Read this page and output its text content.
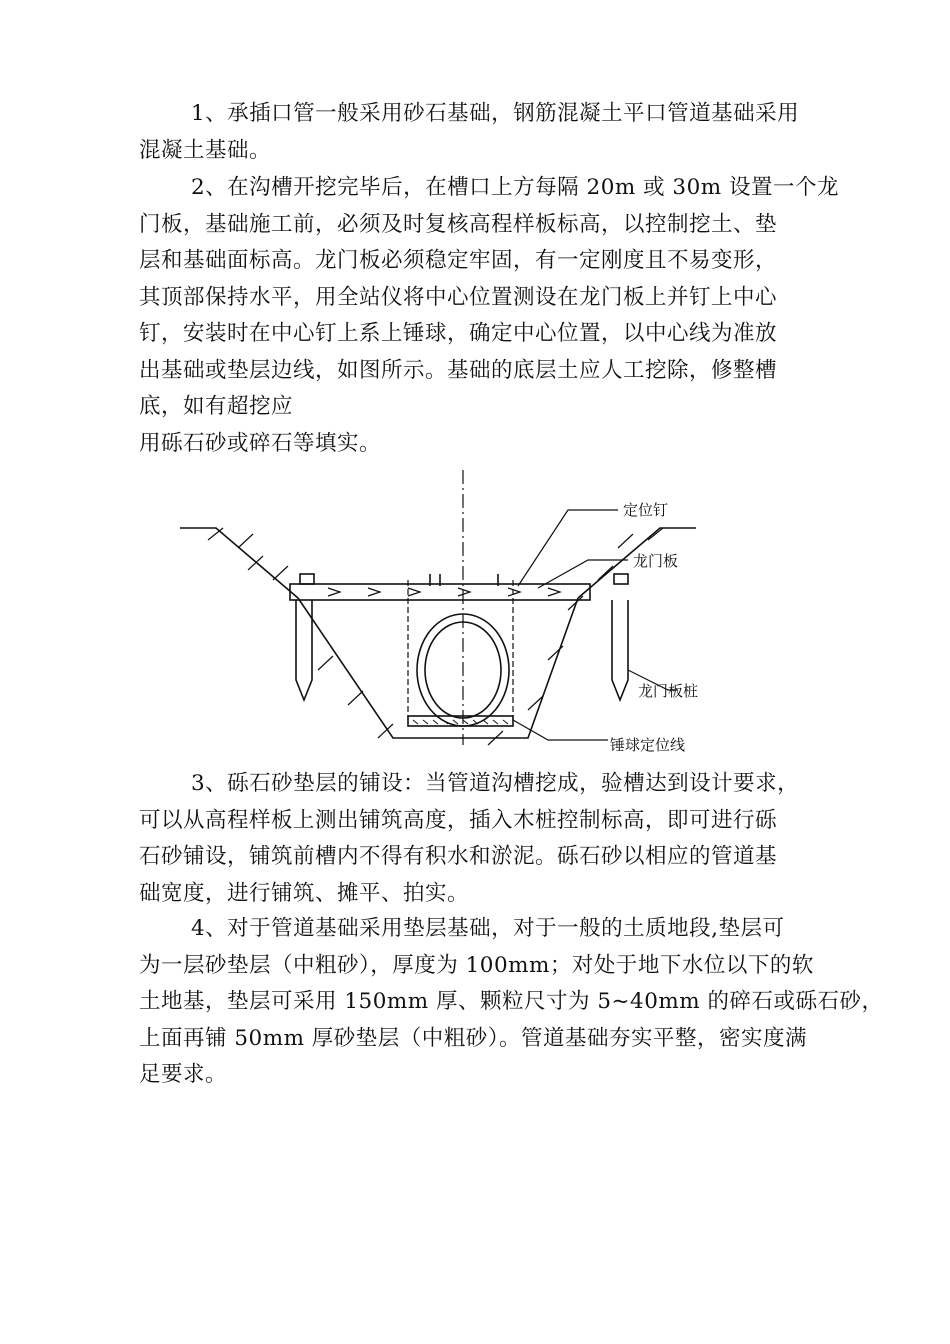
1、承插口管一般采用砂石基础，钢筋混凝土平口管道基础采用
混凝土基础。

2、在沟槽开挖完毕后，在槽口上方每隔 20m 或 30m 设置一个龙
门板，基础施工前，必须及时复核高程样板标高，以控制挖土、垫
层和基础面标高。龙门板必须稳定牢固，有一定刚度且不易变形，
其顶部保持水平，用全站仪将中心位置测设在龙门板上并钉上中心
钉，安装时在中心钉上系上锤球，确定中心位置，以中心线为准放
出基础或垫层边线，如图所示。基础的底层土应人工挖除，修整槽
底，如有超挖应
用砾石砂或碎石等填实。

定位钉
龙门板
龙门板桩
锤球定位线

3、砾石砂垫层的铺设：当管道沟槽挖成，验槽达到设计要求，
可以从高程样板上测出铺筑高度，插入木桩控制标高，即可进行砾
石砂铺设，铺筑前槽内不得有积水和淤泥。砾石砂以相应的管道基
础宽度，进行铺筑、摊平、拍实。

4、对于管道基础采用垫层基础，对于一般的土质地段,垫层可
为一层砂垫层（中粗砂），厚度为 100mm；对处于地下水位以下的软
土地基，垫层可采用 150mm 厚、颗粒尺寸为 5~40mm 的碎石或砾石砂，
上面再铺 50mm 厚砂垫层（中粗砂）。管道基础夯实平整，密实度满
足要求。
